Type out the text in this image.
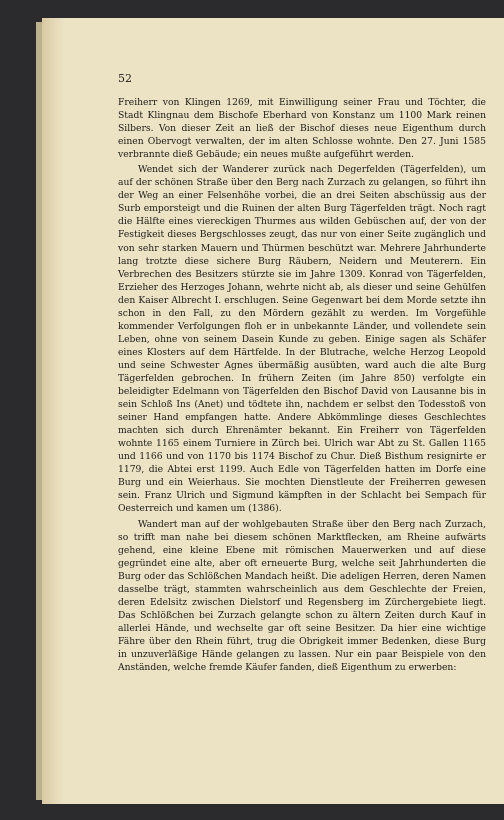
52

Freiherr von Klingen 1269, mit Einwilligung seiner Frau und Töchter, die Stadt Klingnau dem Bischofe Eberhard von Konstanz um 1100 Mark reinen Silbers. Von dieser Zeit an ließ der Bischof dieses neue Eigenthum durch einen Obervogt verwalten, der im alten Schlosse wohnte. Den 27. Juni 1585 verbrannte dieß Gebäude; ein neues mußte aufgeführt werden.

Wendet sich der Wanderer zurück nach Degerfelden (Tägerfelden), um auf der schönen Straße über den Berg nach Zurzach zu gelangen, so führt ihn der Weg an einer Felsenhöhe vorbei, die an drei Seiten abschüssig aus der Surb emporsteigt und die Ruinen der alten Burg Tägerfelden trägt. Noch ragt die Hälfte eines viereckigen Thurmes aus wilden Gebüschen auf, der von der Festigkeit dieses Bergschlosses zeugt, das nur von einer Seite zugänglich und von sehr starken Mauern und Thürmen beschützt war. Mehrere Jahrhunderte lang trotzte diese sichere Burg Räubern, Neidern und Meuterern. Ein Verbrechen des Besitzers stürzte sie im Jahre 1309. Konrad von Tägerfelden, Erzieher des Herzoges Johann, wehrte nicht ab, als dieser und seine Gehülfen den Kaiser Albrecht I. erschlugen. Seine Gegenwart bei dem Morde setzte ihn schon in den Fall, zu den Mördern gezählt zu werden. Im Vorgefühle kommender Verfolgungen floh er in unbekannte Länder, und vollendete sein Leben, ohne von seinem Dasein Kunde zu geben. Einige sagen als Schäfer eines Klosters auf dem Härtfelde. In der Blutrache, welche Herzog Leopold und seine Schwester Agnes übermäßig ausübten, ward auch die alte Burg Tägerfelden gebrochen. In frühern Zeiten (im Jahre 850) verfolgte ein beleidigter Edelmann von Tägerfelden den Bischof David von Lausanne bis in sein Schloß Ins (Anet) und tödtete ihn, nachdem er selbst den Todesstoß von seiner Hand empfangen hatte. Andere Abkömmlinge dieses Geschlechtes machten sich durch Ehrenämter bekannt. Ein Freiherr von Tägerfelden wohnte 1165 einem Turniere in Zürch bei. Ulrich war Abt zu St. Gallen 1165 und 1166 und von 1170 bis 1174 Bischof zu Chur. Dieß Bisthum resignirte er 1179, die Abtei erst 1199. Auch Edle von Tägerfelden hatten im Dorfe eine Burg und ein Weierhaus. Sie mochten Dienstleute der Freiherren gewesen sein. Franz Ulrich und Sigmund kämpften in der Schlacht bei Sempach für Oesterreich und kamen um (1386).

Wandert man auf der wohlgebauten Straße über den Berg nach Zurzach, so trifft man nahe bei diesem schönen Marktflecken, am Rheine aufwärts gehend, eine kleine Ebene mit römischen Mauerwerken und auf diese gegründet eine alte, aber oft erneuerte Burg, welche seit Jahrhunderten die Burg oder das Schlößchen Mandach heißt. Die adeligen Herren, deren Namen dasselbe trägt, stammten wahrscheinlich aus dem Geschlechte der Freien, deren Edelsitz zwischen Dielstorf und Regensberg im Zürchergebiete liegt. Das Schlößchen bei Zurzach gelangte schon zu ältern Zeiten durch Kauf in allerlei Hände, und wechselte gar oft seine Besitzer. Da hier eine wichtige Fähre über den Rhein führt, trug die Obrigkeit immer Bedenken, diese Burg in unzuverläßige Hände gelangen zu lassen. Nur ein paar Beispiele von den Anständen, welche fremde Käufer fanden, dieß Eigenthum zu erwerben:
